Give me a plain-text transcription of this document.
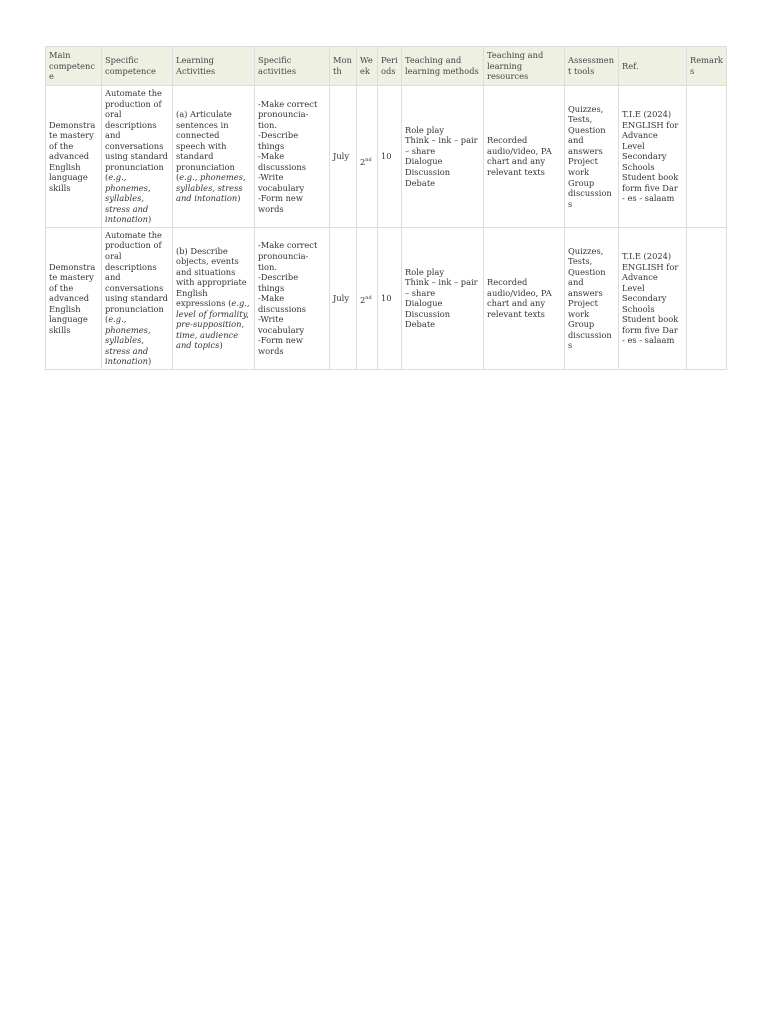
Main competence	Specific competence	Learning Activities	Specific activities	Month	Week	Periods	Teaching and learning methods	Teaching and learning resources	Assessment tools	Ref.	Remarks
Demonstrate mastery of the advanced English language skills	Automate the production of oral descriptions and conversations using standard pronunciation (e.g., phonemes, syllables, stress and intonation)	(a) Articulate sentences in connected speech with standard pronunciation (e.g., phonemes, syllables, stress and intonation)	-Make correct pronouncia-tion.
-Describe things
-Make discussions
-Write vocabulary
-Form new words	July	2nd	10	Role play
Think – ink – pair – share
Dialogue
Discussion
Debate	Recorded audio/video, PA chart and any relevant texts	Quizzes,
Tests,
Question and answers
Project work
Group discussions	T.I.E (2024) ENGLISH for Advance Level Secondary Schools Student book form five Dar - es - salaam	
Demonstrate mastery of the advanced English language skills	Automate the production of oral descriptions and conversations using standard pronunciation (e.g., phonemes, syllables, stress and intonation)	(b) Describe objects, events and situations with appropriate English expressions (e.g., level of formality, pre-supposition, time, audience and topics)	-Make correct pronouncia-tion.
-Describe things
-Make discussions
-Write vocabulary
-Form new words	July	2nd	10	Role play
Think – ink – pair – share
Dialogue
Discussion
Debate	Recorded audio/video, PA chart and any relevant texts	Quizzes,
Tests,
Question and answers
Project work
Group discussions	T.I.E (2024) ENGLISH for Advance Level Secondary Schools Student book form five Dar - es - salaam	
